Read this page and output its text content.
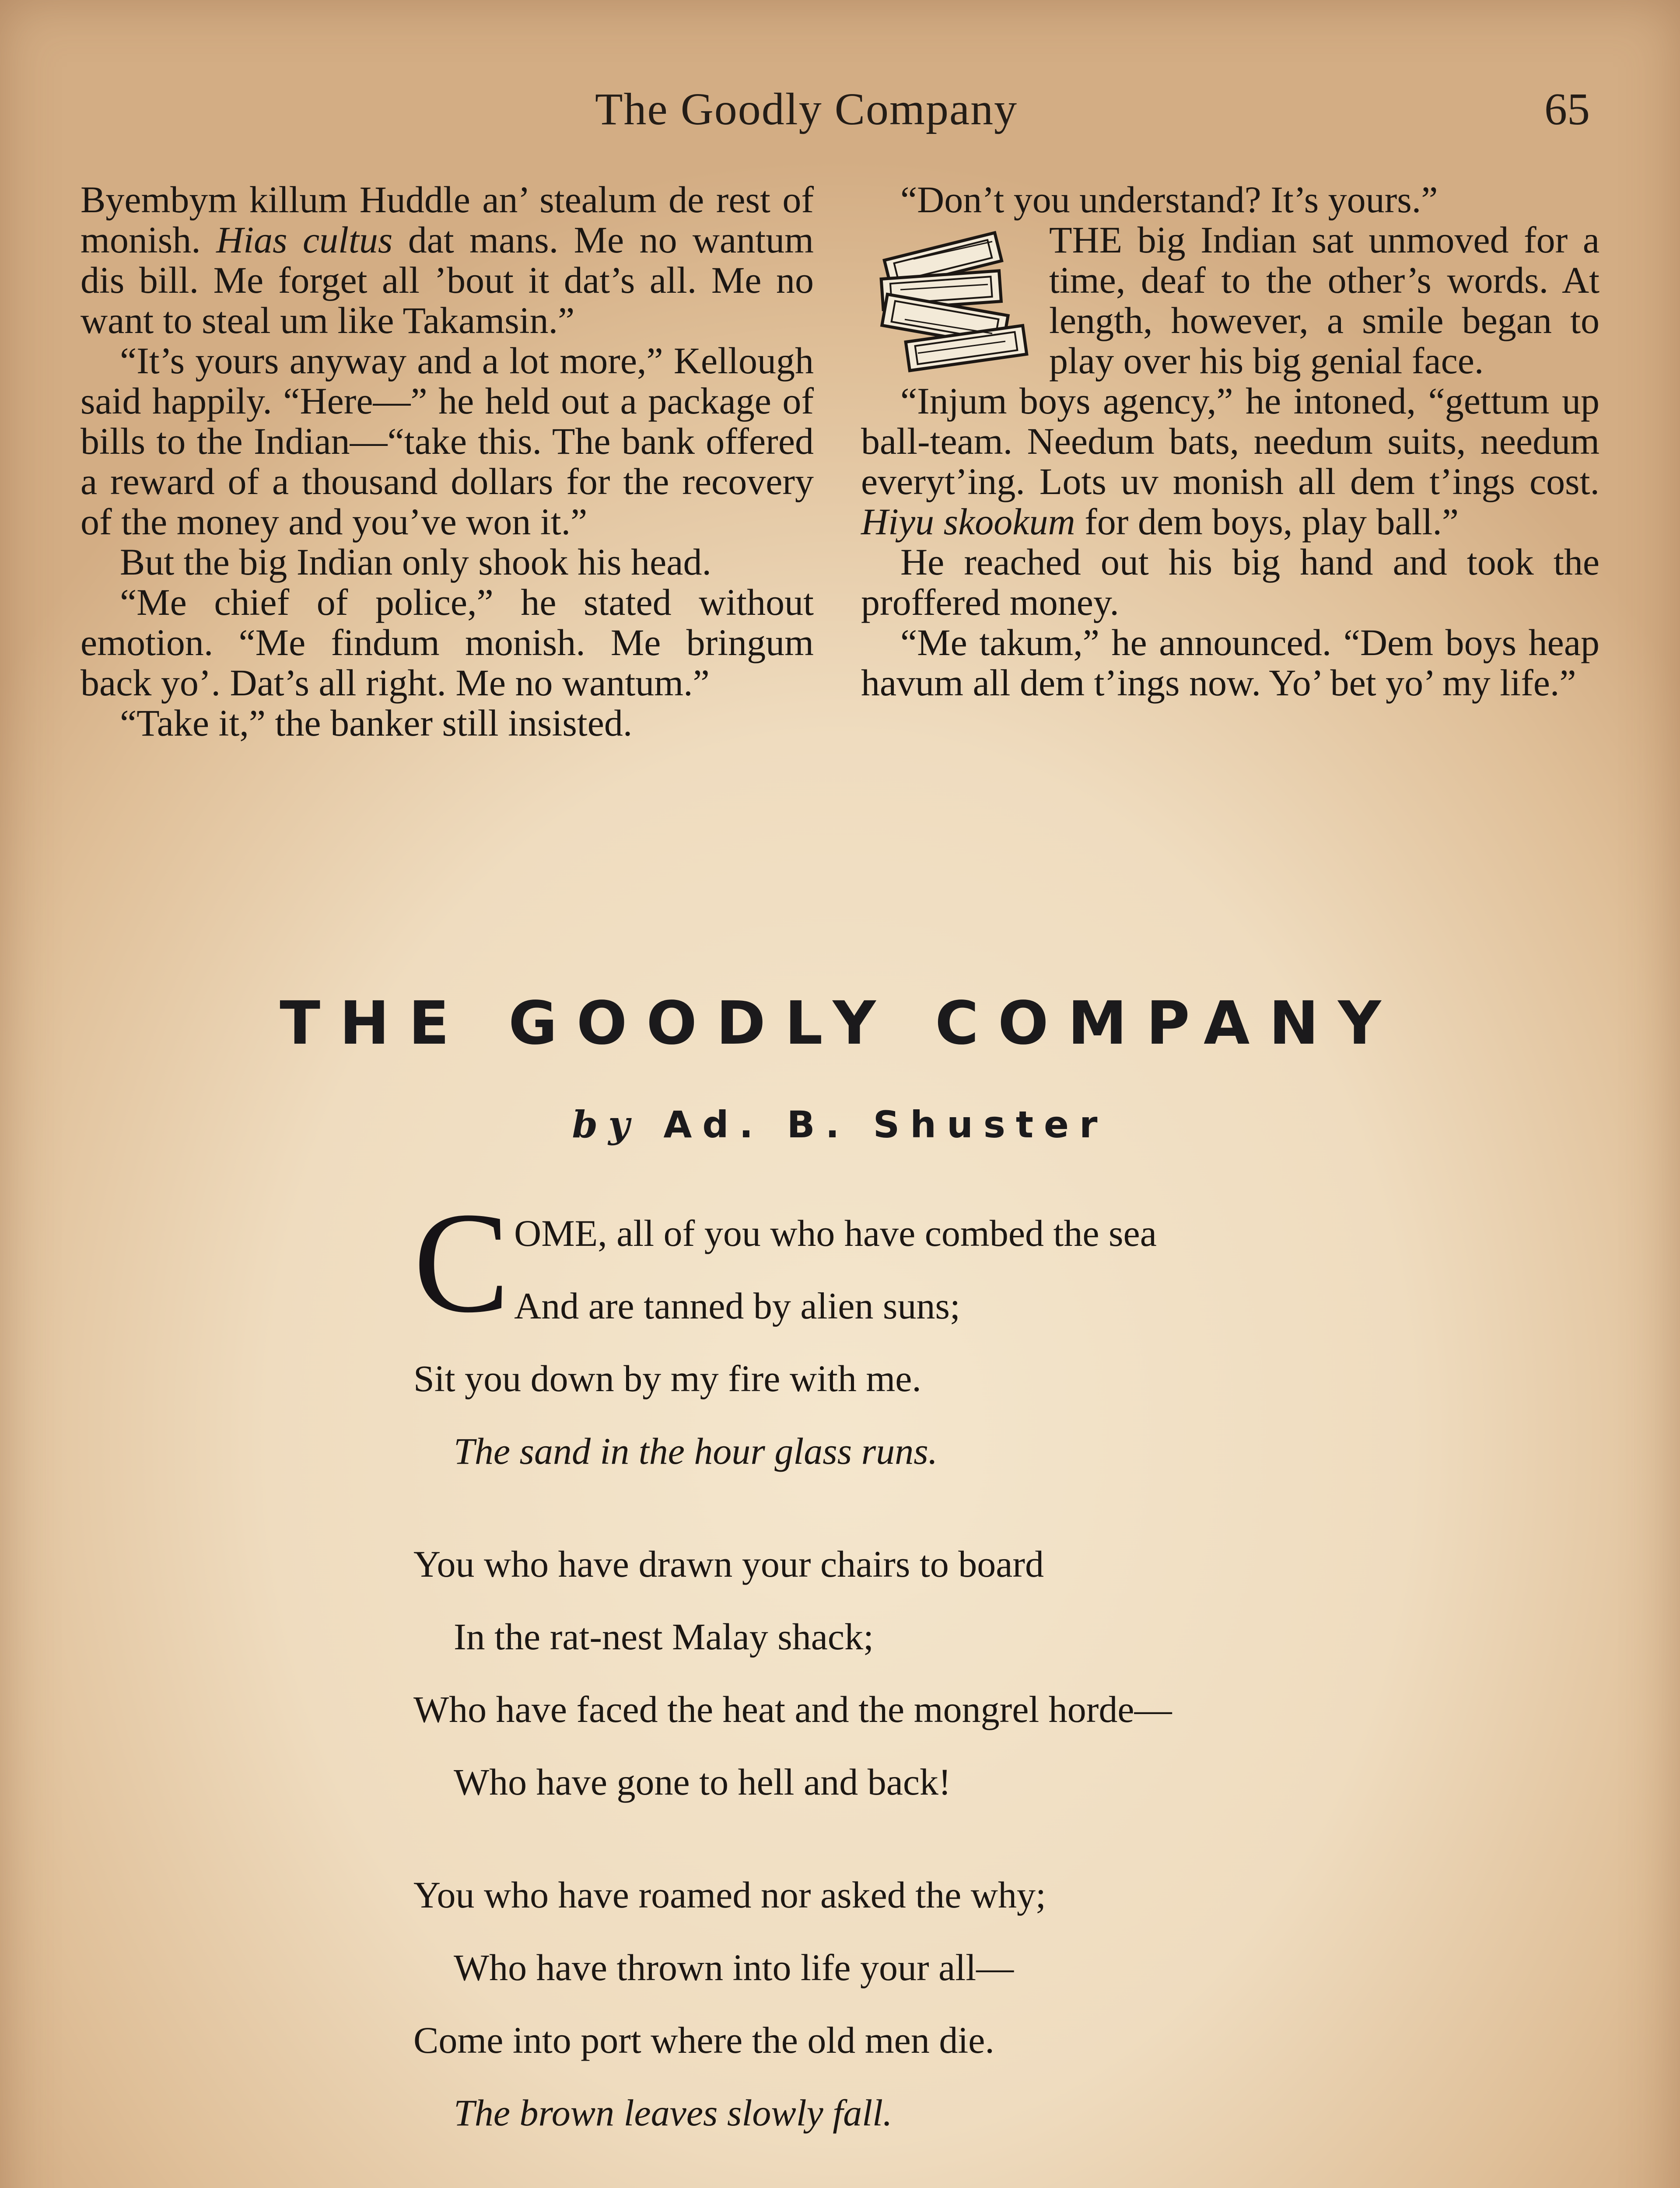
The Goodly Company	65

Byembym killum Huddle an’ stealum de rest of monish. Hias cultus dat mans. Me no wantum dis bill. Me forget all ’bout it dat’s all. Me no want to steal um like Takamsin.”

“It’s yours anyway and a lot more,” Kellough said happily. “Here—” he held out a package of bills to the Indian—“take this. The bank offered a reward of a thousand dollars for the recovery of the money and you’ve won it.”

But the big Indian only shook his head.

“Me chief of police,” he stated without emotion. “Me findum monish. Me bringum back yo’. Dat’s all right. Me no wantum.”

“Take it,” the banker still insisted.

“Don’t you understand? It’s yours.”

THE big Indian sat unmoved for a time, deaf to the other’s words. At length, however, a smile began to play over his big genial face.

“Injum boys agency,” he intoned, “gettum up ball-team. Needum bats, needum suits, needum everyt’ing. Lots uv monish all dem t’ings cost. Hiyu skookum for dem boys, play ball.”

He reached out his big hand and took the proffered money.

“Me takum,” he announced. “Dem boys heap havum all dem t’ings now. Yo’ bet yo’ my life.”

THE GOODLY COMPANY
by Ad. B. Shuster
C OME, all of you who have combed the sea
And are tanned by alien suns;
Sit you down by my fire with me.
The sand in the hour glass runs.
You who have drawn your chairs to board
In the rat-nest Malay shack;
Who have faced the heat and the mongrel horde—
Who have gone to hell and back!
You who have roamed nor asked the why;
Who have thrown into life your all—
Come into port where the old men die.
The brown leaves slowly fall.
